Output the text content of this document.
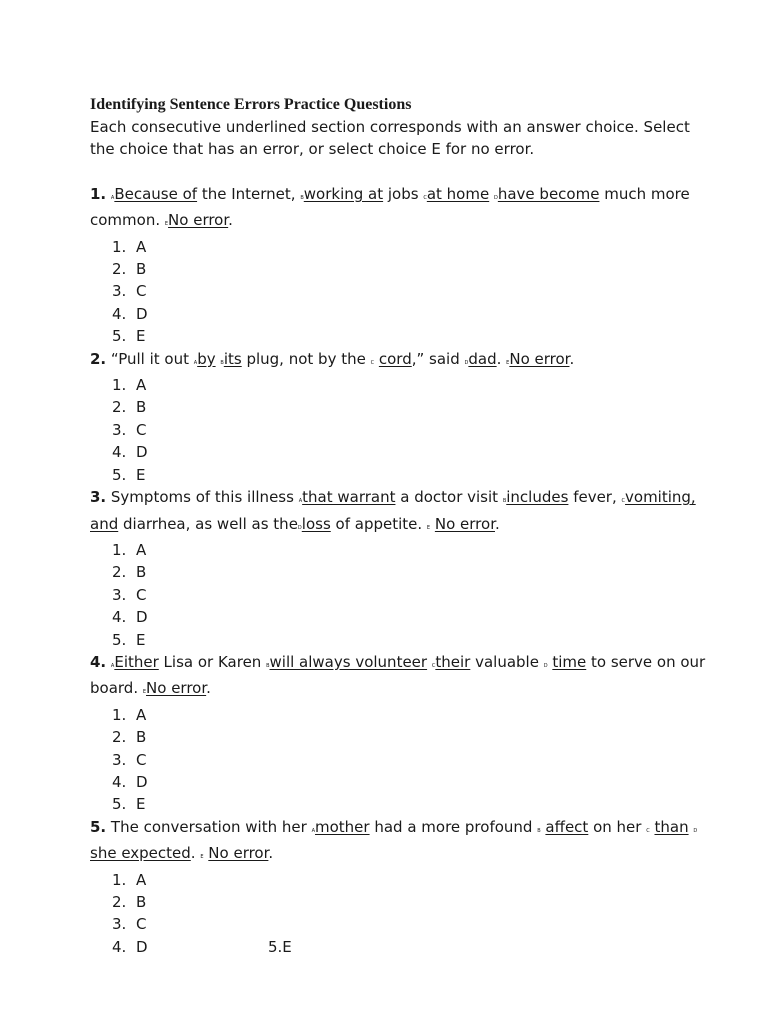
Identifying Sentence Errors Practice Questions

Each consecutive underlined section corresponds with an answer choice. Select the choice that has an error, or select choice E for no error.

1. ABecause of the Internet, Bworking at jobs Cat home Dhave become much more common. ENo error.

1. A
2. B
3. C
4. D
5. E

2. “Pull it out Aby Bits plug, not by the C cord,” said Ddad. ENo error.

1. A
2. B
3. C
4. D
5. E

3. Symptoms of this illness Athat warrant a doctor visit Bincludes fever, Cvomiting, and diarrhea, as well as theDloss of appetite. E No error.

1. A
2. B
3. C
4. D
5. E

4. AEither Lisa or Karen Bwill always volunteer Ctheir valuable D time to serve on our board. ENo error.

1. A
2. B
3. C
4. D
5. E

5. The conversation with her Amother had a more profound B affect on her C than D she expected. E No error.

1. A
2. B
3. C
4. D	5.E
